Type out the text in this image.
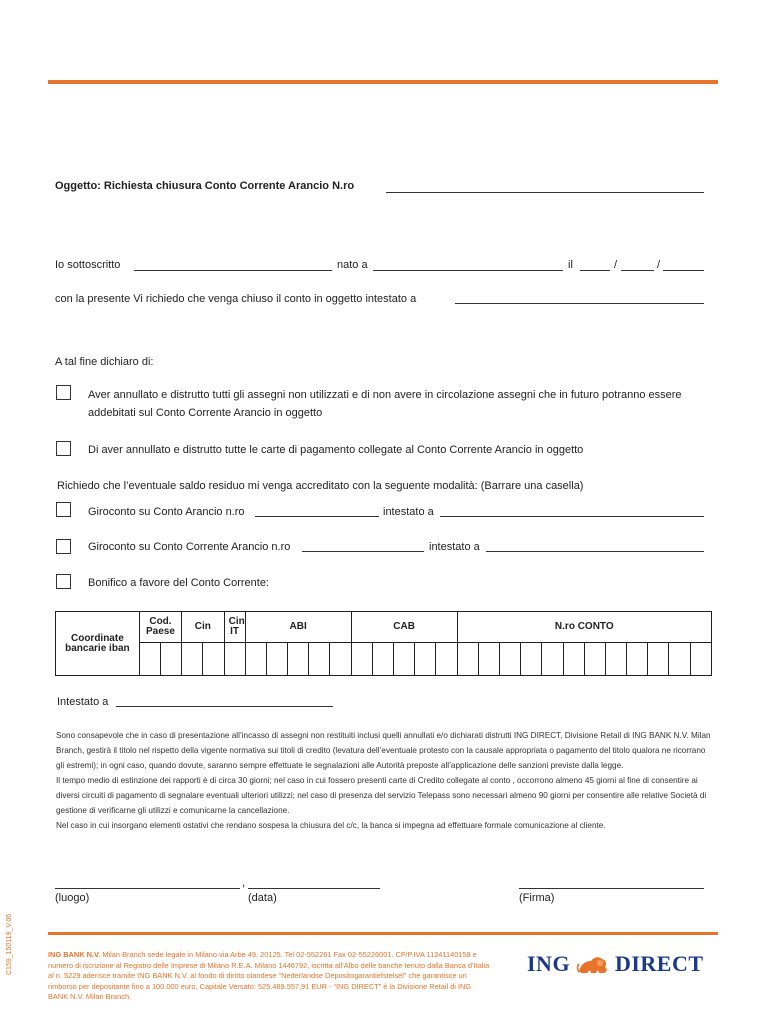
Oggetto: Richiesta chiusura Conto Corrente Arancio N.ro
Io sottoscritto	nato a	il	/	/
con la presente Vi richiedo che venga chiuso il conto in oggetto intestato a
A tal fine dichiaro di:
Aver annullato e distrutto tutti gli assegni non utilizzati e di non avere in circolazione assegni che in futuro potranno essere
addebitati sul Conto Corrente Arancio in oggetto
Di aver annullato e distrutto tutte le carte di pagamento collegate al Conto Corrente Arancio in oggetto
Richiedo che l’eventuale saldo residuo mi venga accreditato con la seguente modalità: (Barrare una casella)
Giroconto su Conto Arancio n.ro	intestato a
Giroconto su Conto Corrente Arancio n.ro	intestato a
Bonifico a favore del Conto Corrente:
Coordinate bancarie iban	Cod. Paese		Cin		Cin IT	ABI					CAB					N.ro CONTO											

Intestato a
Sono consapevole che in caso di presentazione all’incasso di assegni non restituiti inclusi quelli annullati e/o dichiarati distrutti ING DIRECT, Divisione Retail di ING BANK N.V. Milan Branch, gestirà il titolo nel rispetto della vigente normativa sui titoli di credito (levatura dell’eventuale protesto con la causale appropriata o pagamento del titolo qualora ne ricorrano gli estremi); in ogni caso, quando dovute, saranno sempre effettuate le segnalazioni alle Autorità preposte all’applicazione delle sanzioni previste dalla legge.
Il tempo medio di estinzione dei rapporti è di circa 30 giorni; nel caso in cui fossero presenti carte di Credito collegate al conto , occorrono almeno 45 giorni al fine di consentire ai diversi circuiti di pagamento di segnalare eventuali ulteriori utilizzi; nel caso di presenza del servizio Telepass sono necessari almeno 90 giorni per consentire alle relative Società di gestione di verificarne gli utilizzi e comunicarne la cancellazione.
Nel caso in cui insorgano elementi ostativi che rendano sospesa la chiusura del c/c, la banca si impegna ad effettuare formale comunicazione al cliente.
,
(luogo)	(data)	(Firma)
ING BANK N.V. Milan Branch sede legale in Milano via Arbe 49, 20125. Tel 02-552261 Fax 02-55226001. CF/P.IVA 11241140158 e numero di iscrizione al Registro delle Imprese di Milano R.E.A. Milano 1446792, iscritta all’Albo delle banche tenuto dalla Banca d’Italia al n. 5229 aderisce tramite ING BANK N.V. al fondo di diritto olandese “Nederlandse Depositogarantiefstelsel” che garantisce un rimborso per depositante fino a 100.000 euro, Capitale Versato: 525.489.557,91 EUR - “ING DIRECT” è la Divisione Retail di ING BANK N.V. Milan Branch.
ING DIRECT
C159_150119_V.06
